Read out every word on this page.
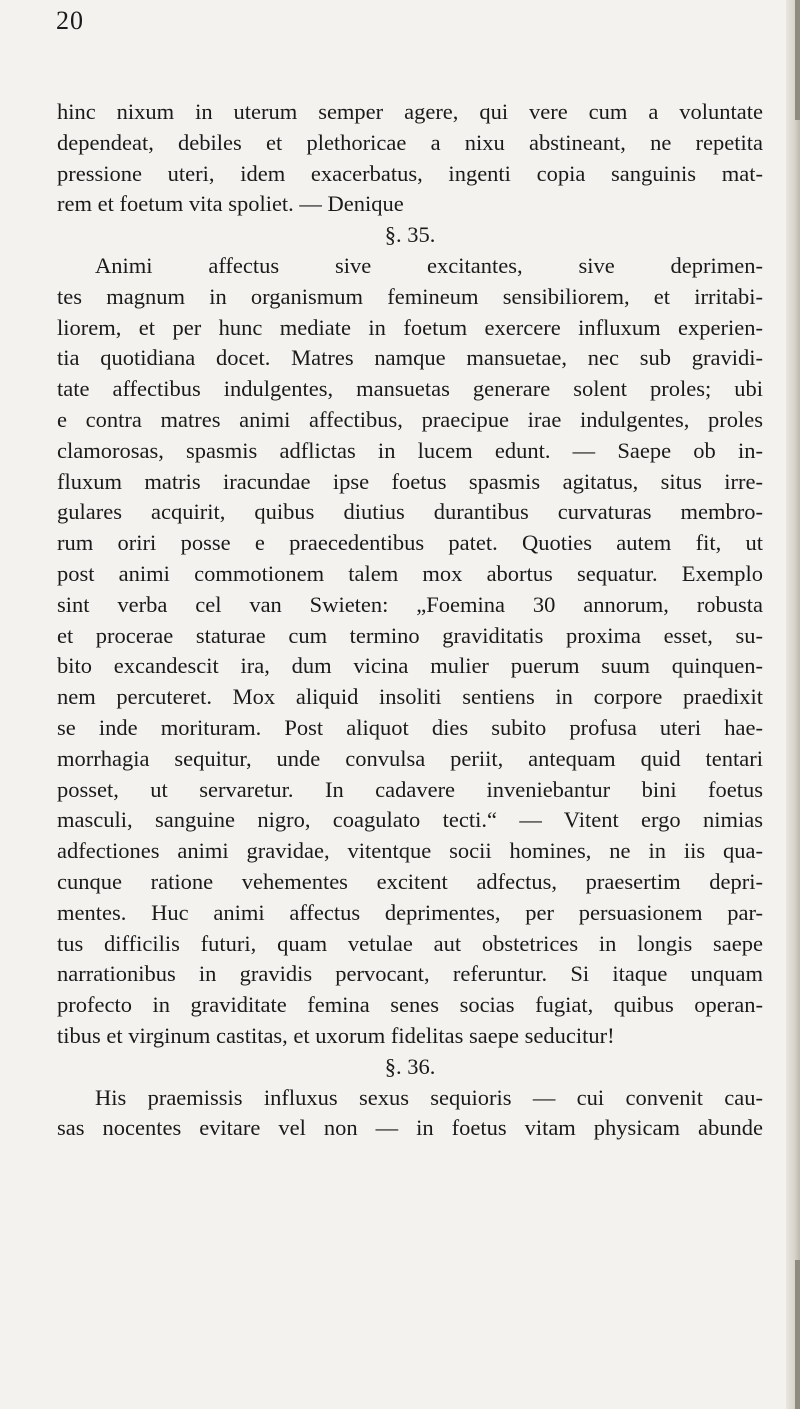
20
hinc nixum in uterum semper agere, qui vere cum a voluntate
dependeat, debiles et plethoricae a nixu abstineant, ne repetita
pressione uteri, idem exacerbatus, ingenti copia sanguinis mat-
rem et foetum vita spoliet. — Denique
§. 35.
Animi affectus sive excitantes, sive deprimen-
tes magnum in organismum femineum sensibiliorem, et irritabi-
liorem, et per hunc mediate in foetum exercere influxum experien-
tia quotidiana docet. Matres namque mansuetae, nec sub gravidi-
tate affectibus indulgentes, mansuetas generare solent proles; ubi
e contra matres animi affectibus, praecipue irae indulgentes, proles
clamorosas, spasmis adflictas in lucem edunt. — Saepe ob in-
fluxum matris iracundae ipse foetus spasmis agitatus, situs irre-
gulares acquirit, quibus diutius durantibus curvaturas membro-
rum oriri posse e praecedentibus patet. Quoties autem fit, ut
post animi commotionem talem mox abortus sequatur. Exemplo
sint verba cel van Swieten: „Foemina 30 annorum, robusta
et procerae staturae cum termino graviditatis proxima esset, su-
bito excandescit ira, dum vicina mulier puerum suum quinquen-
nem percuteret. Mox aliquid insoliti sentiens in corpore praedixit
se inde morituram. Post aliquot dies subito profusa uteri hae-
morrhagia sequitur, unde convulsa periit, antequam quid tentari
posset, ut servaretur. In cadavere inveniebantur bini foetus
masculi, sanguine nigro, coagulato tecti.“ — Vitent ergo nimias
adfectiones animi gravidae, vitentque socii homines, ne in iis qua-
cunque ratione vehementes excitent adfectus, praesertim depri-
mentes. Huc animi affectus deprimentes, per persuasionem par-
tus difficilis futuri, quam vetulae aut obstetrices in longis saepe
narrationibus in gravidis pervocant, referuntur. Si itaque unquam
profecto in graviditate femina senes socias fugiat, quibus operan-
tibus et virginum castitas, et uxorum fidelitas saepe seducitur!
§. 36.
His praemissis influxus sexus sequioris — cui convenit cau-
sas nocentes evitare vel non — in foetus vitam physicam abunde
